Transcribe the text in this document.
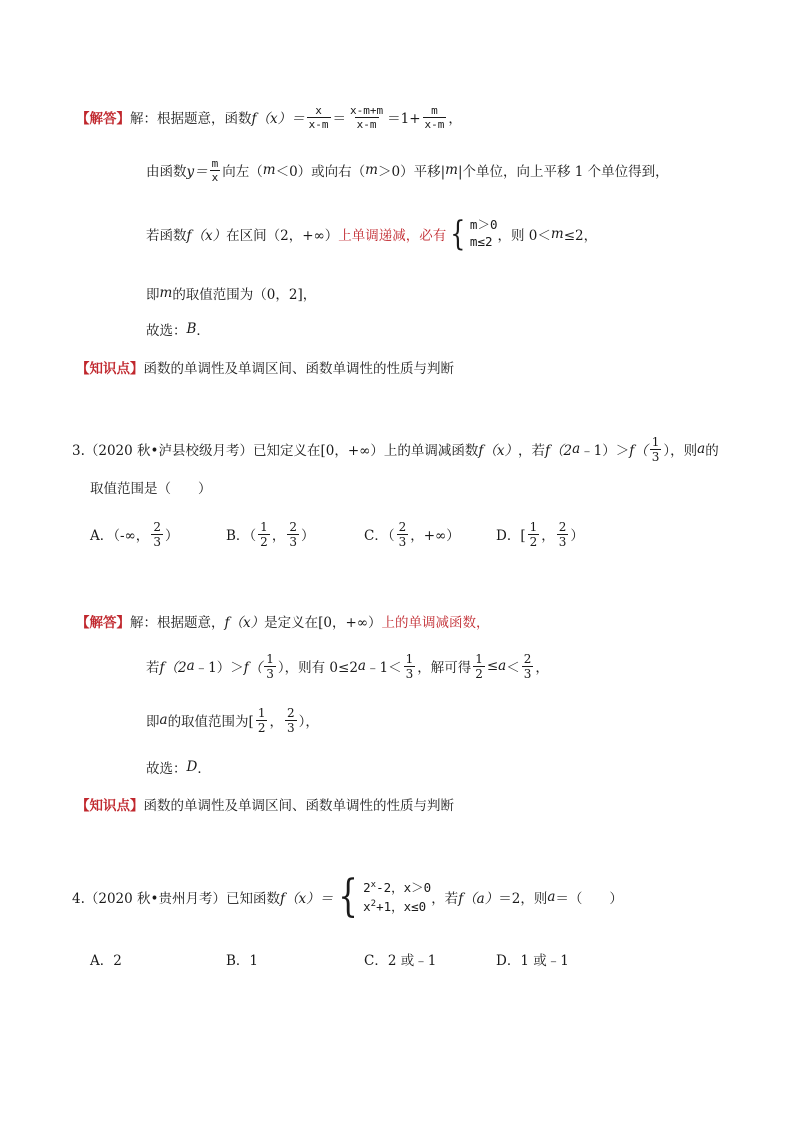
【解答】 解：根据题意，函数 $f(x)= \frac{x}{x-m} = \frac{x-m+m}{x-m} =1+ \frac{m}{x-m}$ ，
由函数 $y= \frac{m}{x}$ 向左（ m ＜0）或向右（ m ＞0）平移| m |个单位，向上平移 1 个单位得到，
若函数 f（x） 在区间（2，+∞） 上单调递减，必有 { m＞0
m≤2 ，则 0＜ m ≤2，
即 m 的取值范围为（0，2]，
故选： B ．
【知识点】 函数的单调性及单调区间、函数单调性的性质与判断
3.（2020 秋•泸县校级月考）已知定义在[0，+∞）上的单调减函数 f（x） ，若 f（2 a ﹣1）＞ $f( \frac{1}{3}$ ），则 a 的
取值范围是（　　）
A．（-∞， $\frac{2}{3}$ ）	B．（ $\frac{1}{2}$ ， $\frac{2}{3}$ ）	C．（ $\frac{2}{3}$ ，+∞）	D．[ $\frac{1}{2}$ ， $\frac{2}{3}$ ）
【解答】 解：根据题意， f（x） 是定义在[0，+∞） 上的单调减函数，
若 f（2 a ﹣1）＞ $f( \frac{1}{3}$ ），则有 0≤2 a ﹣1＜ $\frac{1}{3}$ ，解可得 $\frac{1}{2} \le a < \frac{2}{3}$ ，
即 a 的取值范围为[ $\frac{1}{2}$ ， $\frac{2}{3}$ ），
故选： D ．
【知识点】 函数的单调性及单调区间、函数单调性的性质与判断
4.（2020 秋•贵州月考）已知函数 f（x）＝ { 2$^x$-2，x＞0
$x^2+1$，x≤0 ，若 f（a） ＝2，则 a ＝（　　）
A．2	B．1	C．2 或﹣1	D．1 或﹣1
